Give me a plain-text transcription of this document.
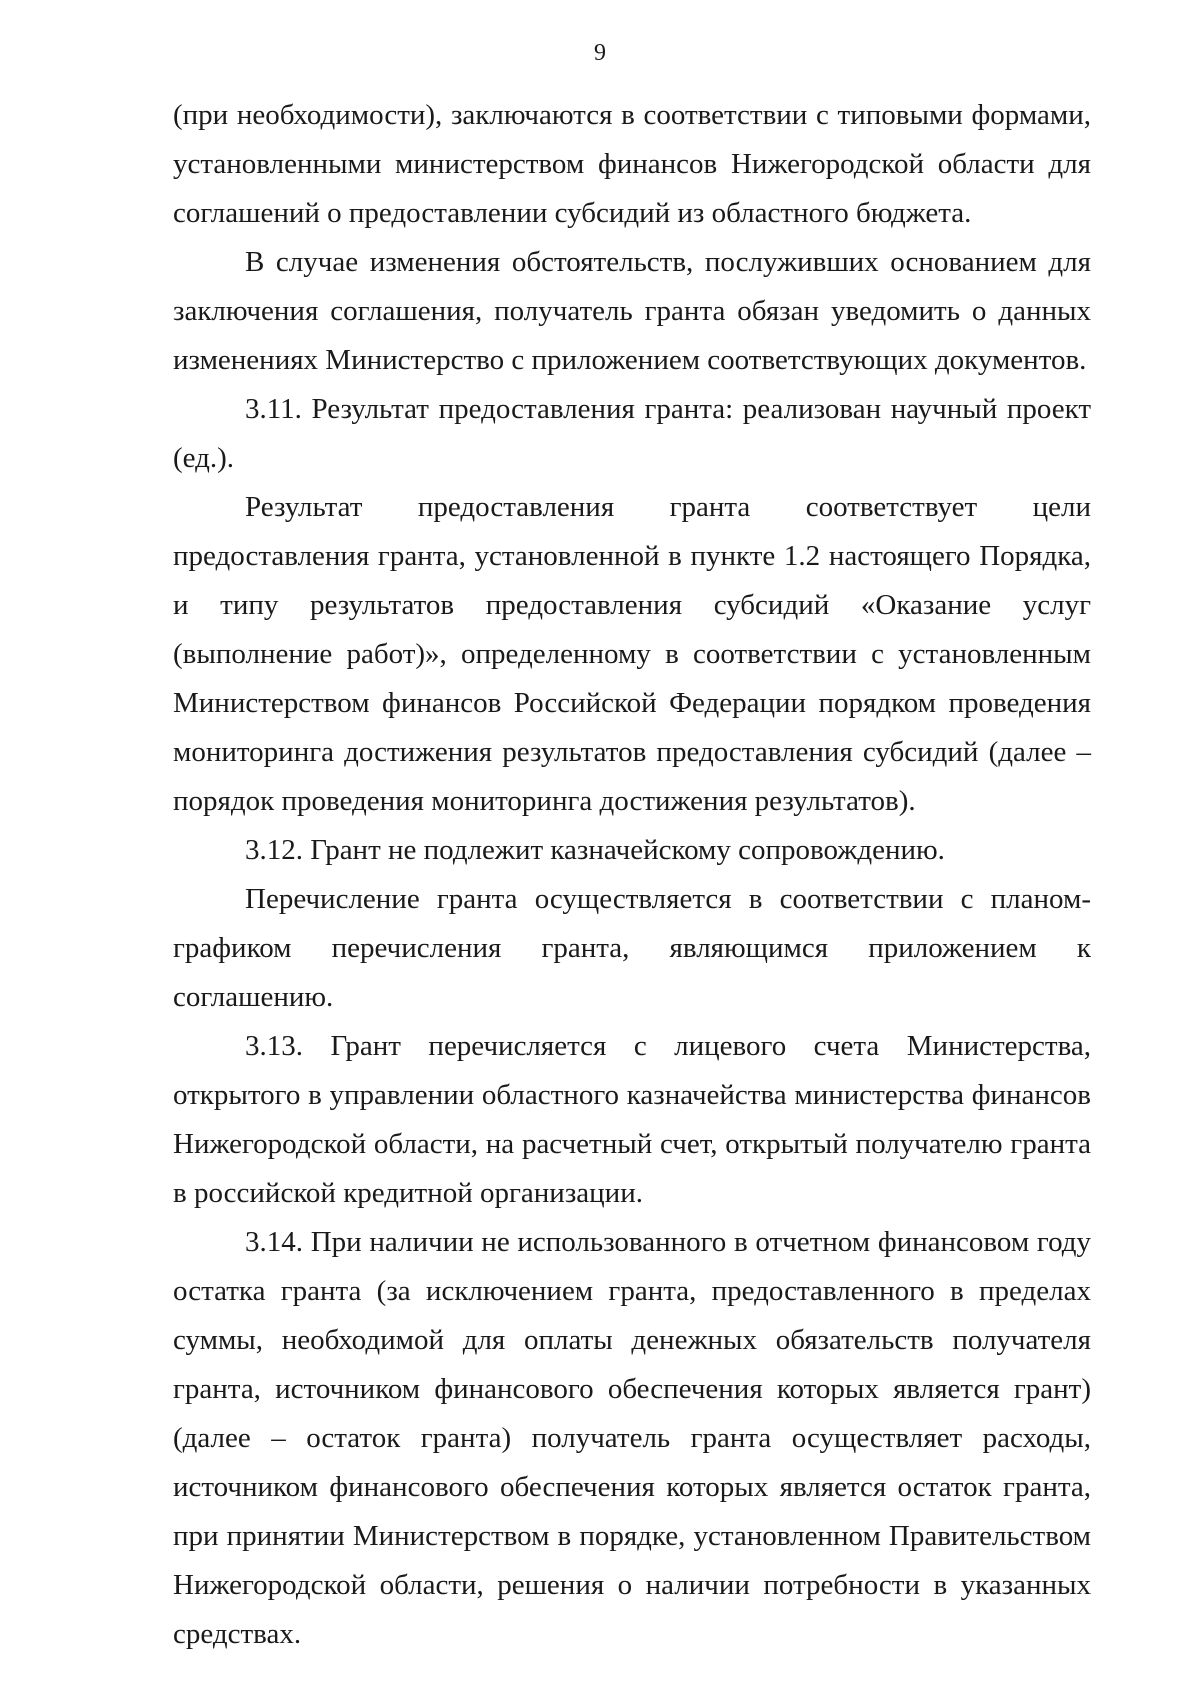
9

(при необходимости), заключаются в соответствии с типовыми формами, установленными министерством финансов Нижегородской области для соглашений о предоставлении субсидий из областного бюджета.

В случае изменения обстоятельств, послуживших основанием для заключения соглашения, получатель гранта обязан уведомить о данных изменениях Министерство с приложением соответствующих документов.

3.11. Результат предоставления гранта: реализован научный проект (ед.).

Результат предоставления гранта соответствует цели предоставления гранта, установленной в пункте 1.2 настоящего Порядка, и типу результатов предоставления субсидий «Оказание услуг (выполнение работ)», определенному в соответствии с установленным Министерством финансов Российской Федерации порядком проведения мониторинга достижения результатов предоставления субсидий (далее – порядок проведения мониторинга достижения результатов).

3.12. Грант не подлежит казначейскому сопровождению.

Перечисление гранта осуществляется в соответствии с планом-графиком перечисления гранта, являющимся приложением к соглашению.

3.13. Грант перечисляется с лицевого счета Министерства, открытого в управлении областного казначейства министерства финансов Нижегородской области, на расчетный счет, открытый получателю гранта в российской кредитной организации.

3.14. При наличии не использованного в отчетном финансовом году остатка гранта (за исключением гранта, предоставленного в пределах суммы, необходимой для оплаты денежных обязательств получателя гранта, источником финансового обеспечения которых является грант) (далее – остаток гранта) получатель гранта осуществляет расходы, источником финансового обеспечения которых является остаток гранта, при принятии Министерством в порядке, установленном Правительством Нижегородской области, решения о наличии потребности в указанных средствах.
